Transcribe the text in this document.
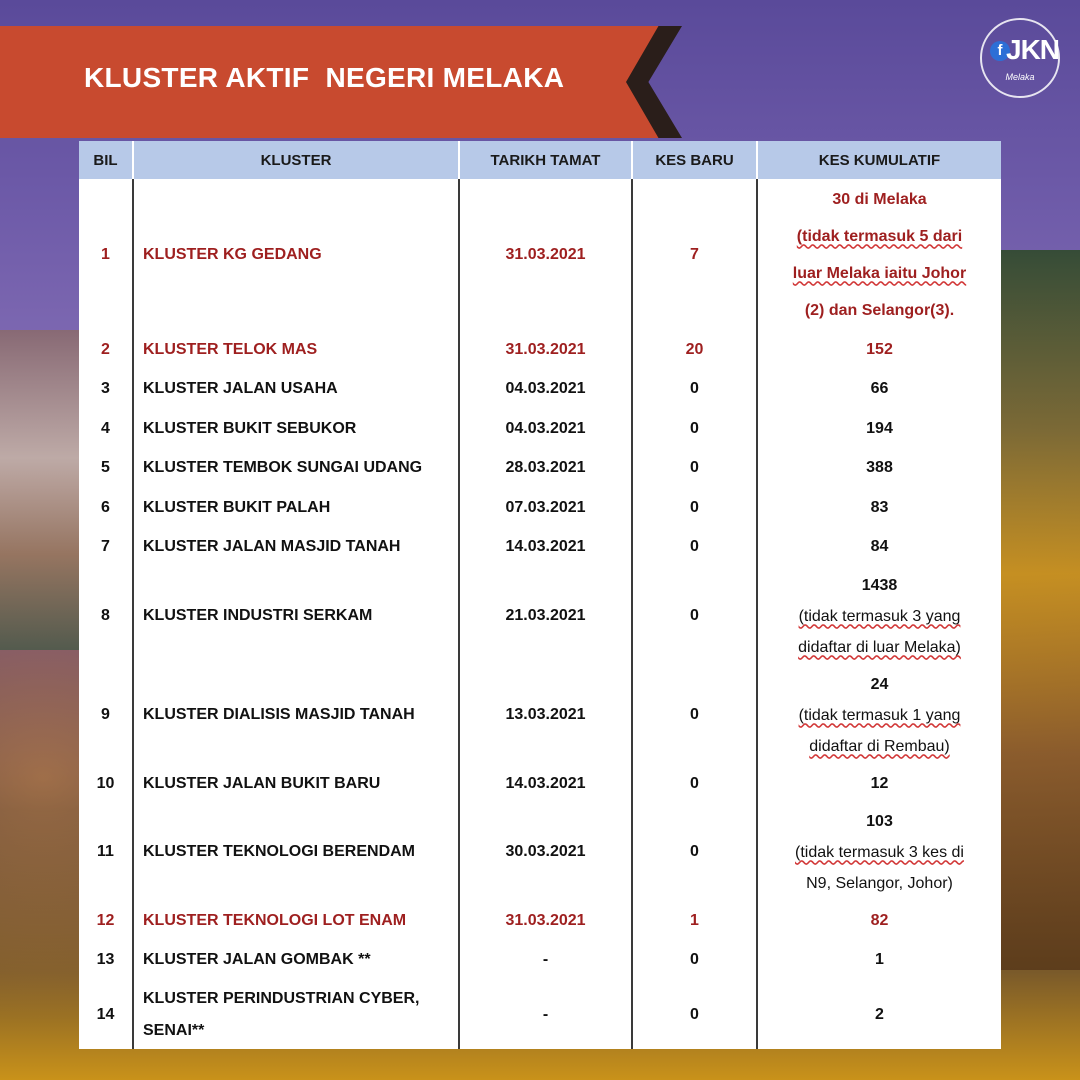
KLUSTER AKTIF  NEGERI MELAKA
f JKN
Melaka
BIL	KLUSTER	TARIKH TAMAT	KES BARU	KES KUMULATIF
1	KLUSTER KG GEDANG	31.03.2021	7	30 di Melaka
(tidak termasuk 5 dari
luar Melaka iaitu Johor
(2) dan Selangor(3).

2	KLUSTER TELOK MAS	31.03.2021	20	152
3	KLUSTER JALAN USAHA	04.03.2021	0	66
4	KLUSTER BUKIT SEBUKOR	04.03.2021	0	194
5	KLUSTER TEMBOK SUNGAI UDANG	28.03.2021	0	388
6	KLUSTER BUKIT PALAH	07.03.2021	0	83
7	KLUSTER JALAN MASJID TANAH	14.03.2021	0	84
8	KLUSTER INDUSTRI SERKAM	21.03.2021	0	1438
(tidak termasuk 3 yang
didaftar di luar Melaka)

9	KLUSTER DIALISIS MASJID TANAH	13.03.2021	0	24
(tidak termasuk 1 yang
didaftar di Rembau)

10	KLUSTER JALAN BUKIT BARU	14.03.2021	0	12
11	KLUSTER TEKNOLOGI BERENDAM	30.03.2021	0	103
(tidak termasuk 3 kes di
N9, Selangor, Johor)

12	KLUSTER TEKNOLOGI LOT ENAM	31.03.2021	1	82
13	KLUSTER JALAN GOMBAK **	-	0	1
14	KLUSTER PERINDUSTRIAN CYBER,
SENAI**	-	0	2
